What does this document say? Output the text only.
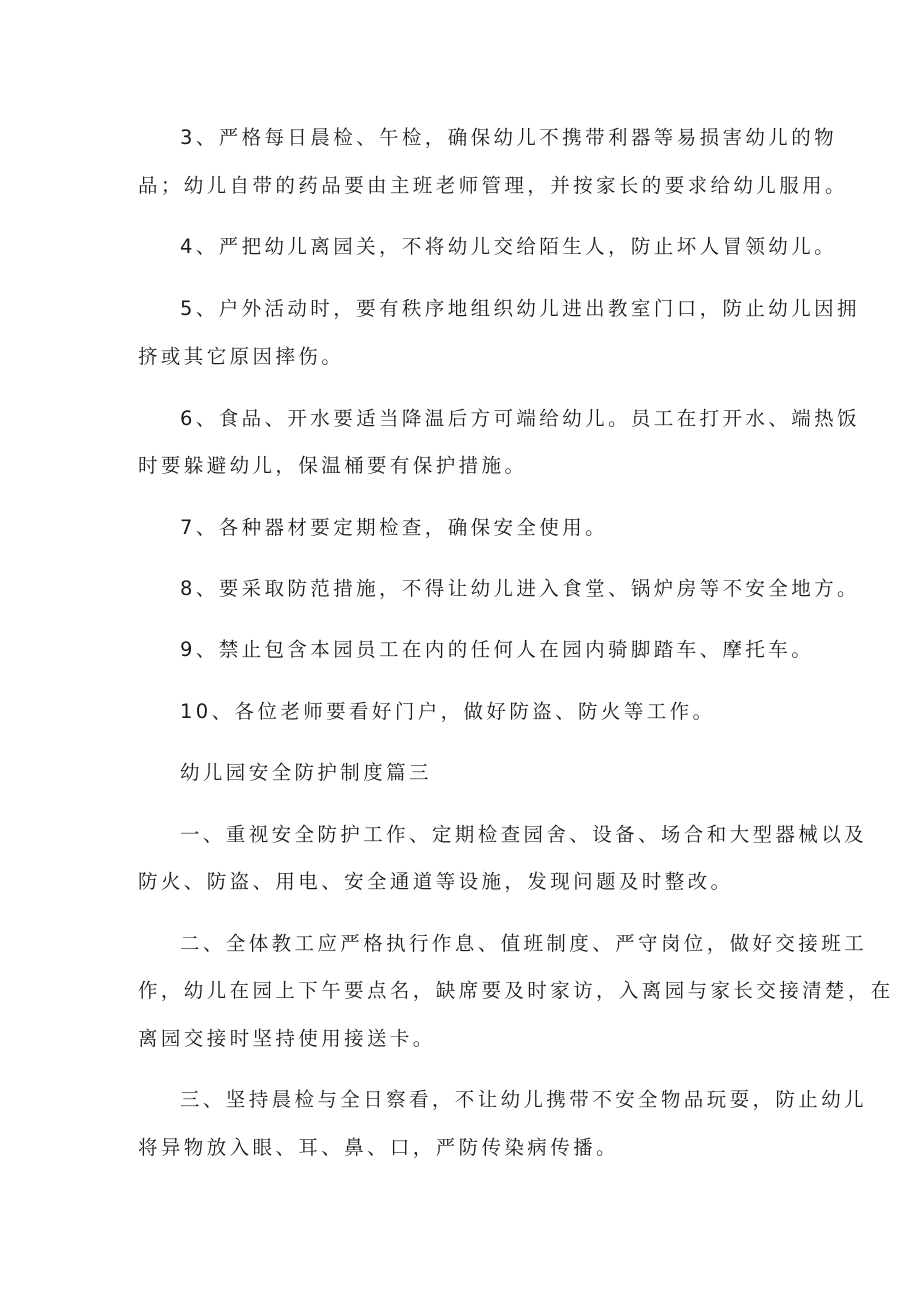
3、严格每日晨检、午检，确保幼儿不携带利器等易损害幼儿的物
品；幼儿自带的药品要由主班老师管理，并按家长的要求给幼儿服用。
4、严把幼儿离园关，不将幼儿交给陌生人，防止坏人冒领幼儿。
5、户外活动时，要有秩序地组织幼儿进出教室门口，防止幼儿因拥
挤或其它原因摔伤。
6、食品、开水要适当降温后方可端给幼儿。员工在打开水、端热饭
时要躲避幼儿，保温桶要有保护措施。
7、各种器材要定期检查，确保安全使用。
8、要采取防范措施，不得让幼儿进入食堂、锅炉房等不安全地方。
9、禁止包含本园员工在内的任何人在园内骑脚踏车、摩托车。
10、各位老师要看好门户，做好防盗、防火等工作。
幼儿园安全防护制度篇三
一、重视安全防护工作、定期检查园舍、设备、场合和大型器械以及
防火、防盗、用电、安全通道等设施，发现问题及时整改。
二、全体教工应严格执行作息、值班制度、严守岗位，做好交接班工
作，幼儿在园上下午要点名，缺席要及时家访，入离园与家长交接清楚，在
离园交接时坚持使用接送卡。
三、坚持晨检与全日察看，不让幼儿携带不安全物品玩耍，防止幼儿
将异物放入眼、耳、鼻、口，严防传染病传播。
